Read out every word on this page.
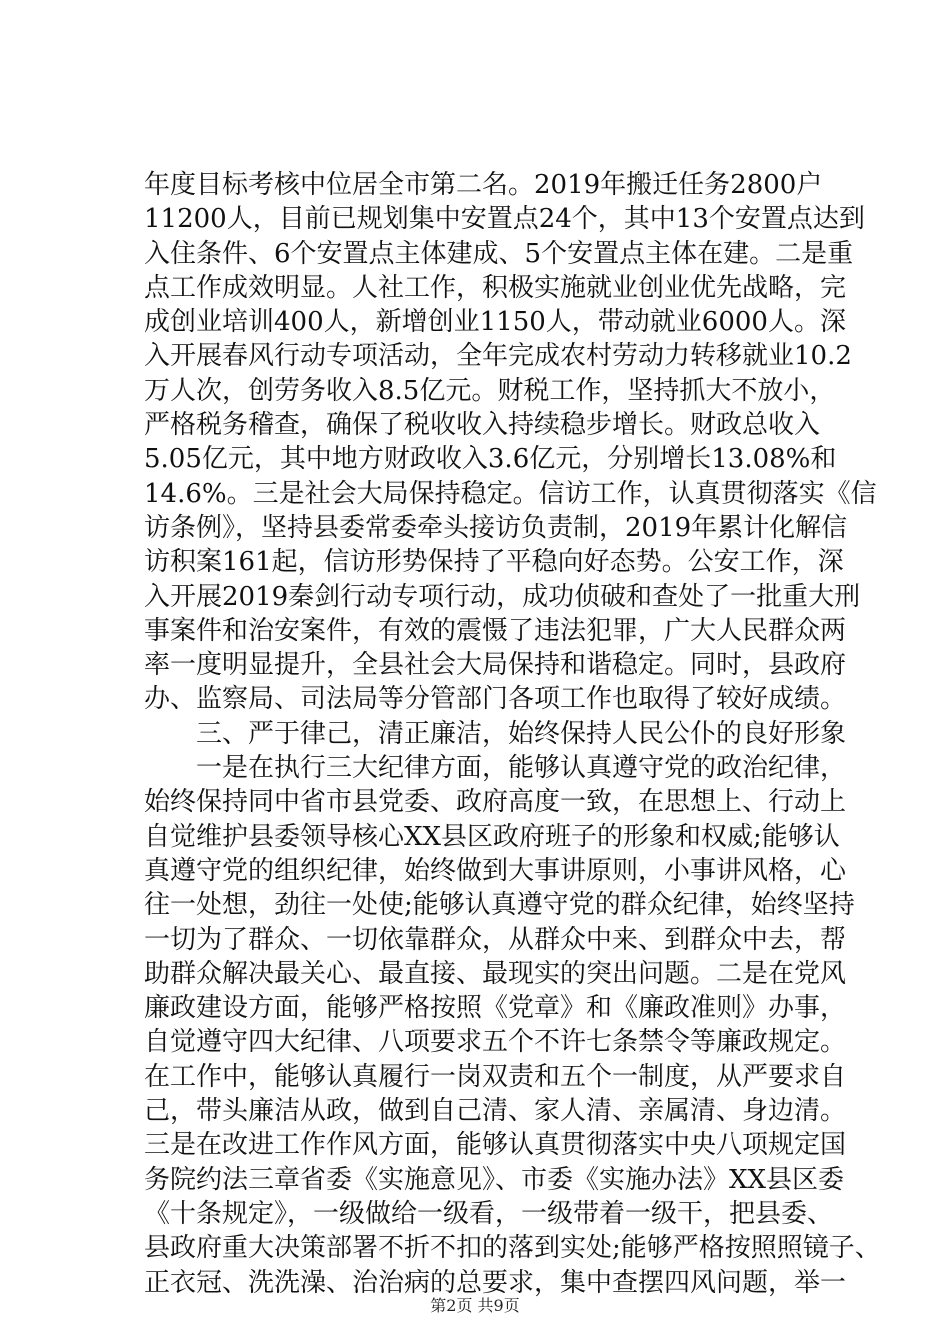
年度目标考核中位居全市第二名。2019年搬迁任务2800户
11200人，目前已规划集中安置点24个，其中13个安置点达到
入住条件、6个安置点主体建成、5个安置点主体在建。二是重
点工作成效明显。人社工作，积极实施就业创业优先战略，完
成创业培训400人，新增创业1150人，带动就业6000人。深
入开展春风行动专项活动，全年完成农村劳动力转移就业10.2
万人次，创劳务收入8.5亿元。财税工作，坚持抓大不放小，
严格税务稽查，确保了税收收入持续稳步增长。财政总收入
5.05亿元，其中地方财政收入3.6亿元，分别增长13.08%和
14.6%。三是社会大局保持稳定。信访工作，认真贯彻落实《信
访条例》，坚持县委常委牵头接访负责制，2019年累计化解信
访积案161起，信访形势保持了平稳向好态势。公安工作，深
入开展2019秦剑行动专项行动，成功侦破和查处了一批重大刑
事案件和治安案件，有效的震慑了违法犯罪，广大人民群众两
率一度明显提升，全县社会大局保持和谐稳定。同时，县政府
办、监察局、司法局等分管部门各项工作也取得了较好成绩。
三、严于律己，清正廉洁，始终保持人民公仆的良好形象
一是在执行三大纪律方面，能够认真遵守党的政治纪律，
始终保持同中省市县党委、政府高度一致，在思想上、行动上
自觉维护县委领导核心XX县区政府班子的形象和权威;能够认
真遵守党的组织纪律，始终做到大事讲原则，小事讲风格，心
往一处想，劲往一处使;能够认真遵守党的群众纪律，始终坚持
一切为了群众、一切依靠群众，从群众中来、到群众中去，帮
助群众解决最关心、最直接、最现实的突出问题。二是在党风
廉政建设方面，能够严格按照《党章》和《廉政准则》办事，
自觉遵守四大纪律、八项要求五个不许七条禁令等廉政规定。
在工作中，能够认真履行一岗双责和五个一制度，从严要求自
己，带头廉洁从政，做到自己清、家人清、亲属清、身边清。
三是在改进工作作风方面，能够认真贯彻落实中央八项规定国
务院约法三章省委《实施意见》、市委《实施办法》XX县区委
《十条规定》，一级做给一级看，一级带着一级干，把县委、
县政府重大决策部署不折不扣的落到实处;能够严格按照照镜子、
正衣冠、洗洗澡、治治病的总要求，集中查摆四风问题，举一
第2页 共9页
